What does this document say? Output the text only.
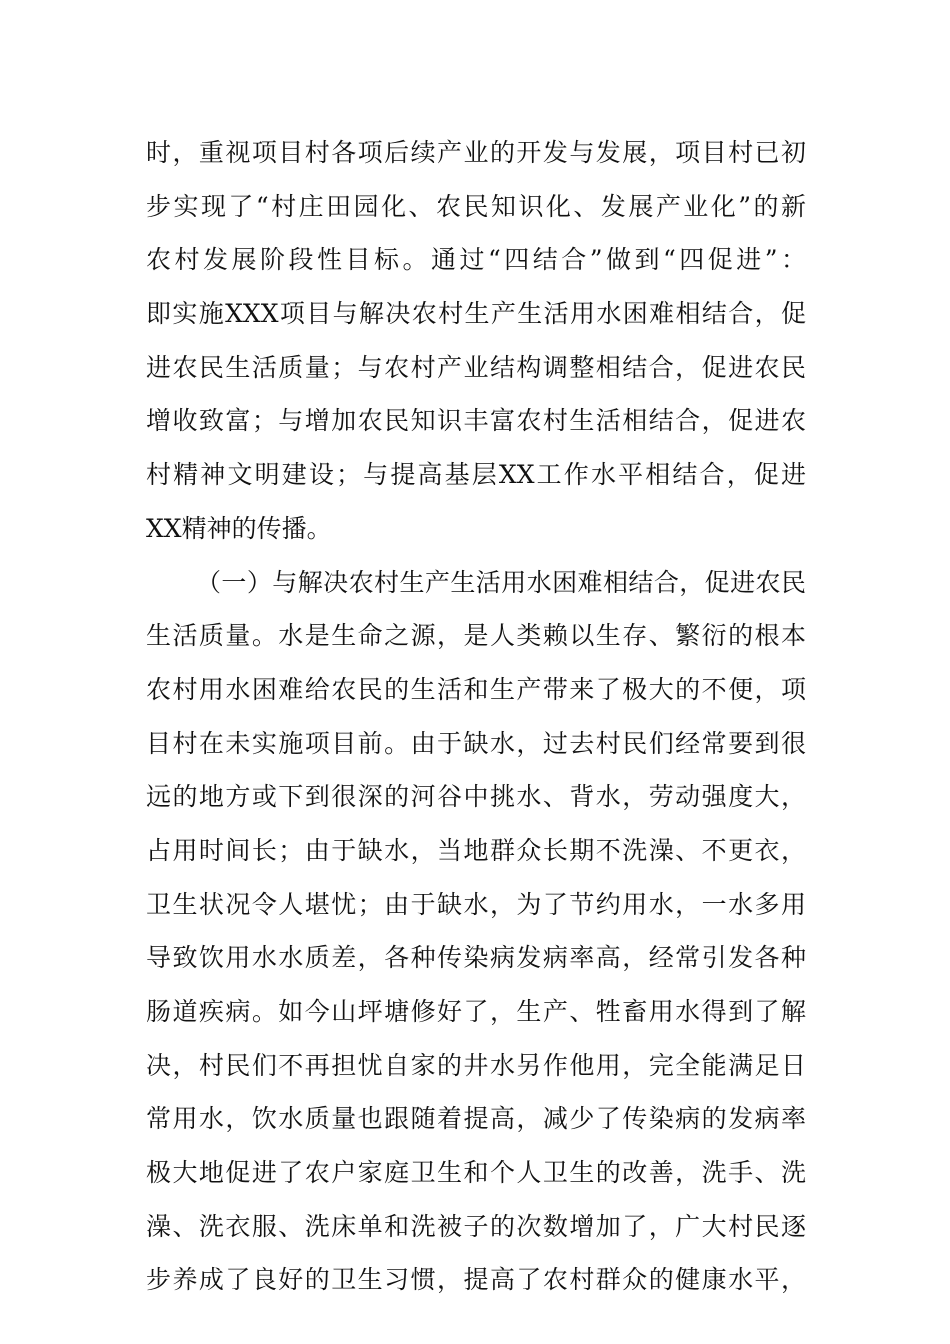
时，重视项目村各项后续产业的开发与发展，项目村已初
步实现了“村庄田园化、农民知识化、发展产业化”的新
农村发展阶段性目标。通过“四结合”做到“四促进”：
即实施XXX项目与解决农村生产生活用水困难相结合，促
进农民生活质量；与农村产业结构调整相结合，促进农民
增收致富；与增加农民知识丰富农村生活相结合，促进农
村精神文明建设；与提高基层XX工作水平相结合，促进
XX精神的传播。
（一）与解决农村生产生活用水困难相结合，促进农民
生活质量。水是生命之源，是人类赖以生存、繁衍的根本
农村用水困难给农民的生活和生产带来了极大的不便，项
目村在未实施项目前。由于缺水，过去村民们经常要到很
远的地方或下到很深的河谷中挑水、背水，劳动强度大，
占用时间长；由于缺水，当地群众长期不洗澡、不更衣，
卫生状况令人堪忧；由于缺水，为了节约用水，一水多用
导致饮用水水质差，各种传染病发病率高，经常引发各种
肠道疾病。如今山坪塘修好了，生产、牲畜用水得到了解
决，村民们不再担忧自家的井水另作他用，完全能满足日
常用水，饮水质量也跟随着提高，减少了传染病的发病率
极大地促进了农户家庭卫生和个人卫生的改善，洗手、洗
澡、洗衣服、洗床单和洗被子的次数增加了，广大村民逐
步养成了良好的卫生习惯，提高了农村群众的健康水平，
